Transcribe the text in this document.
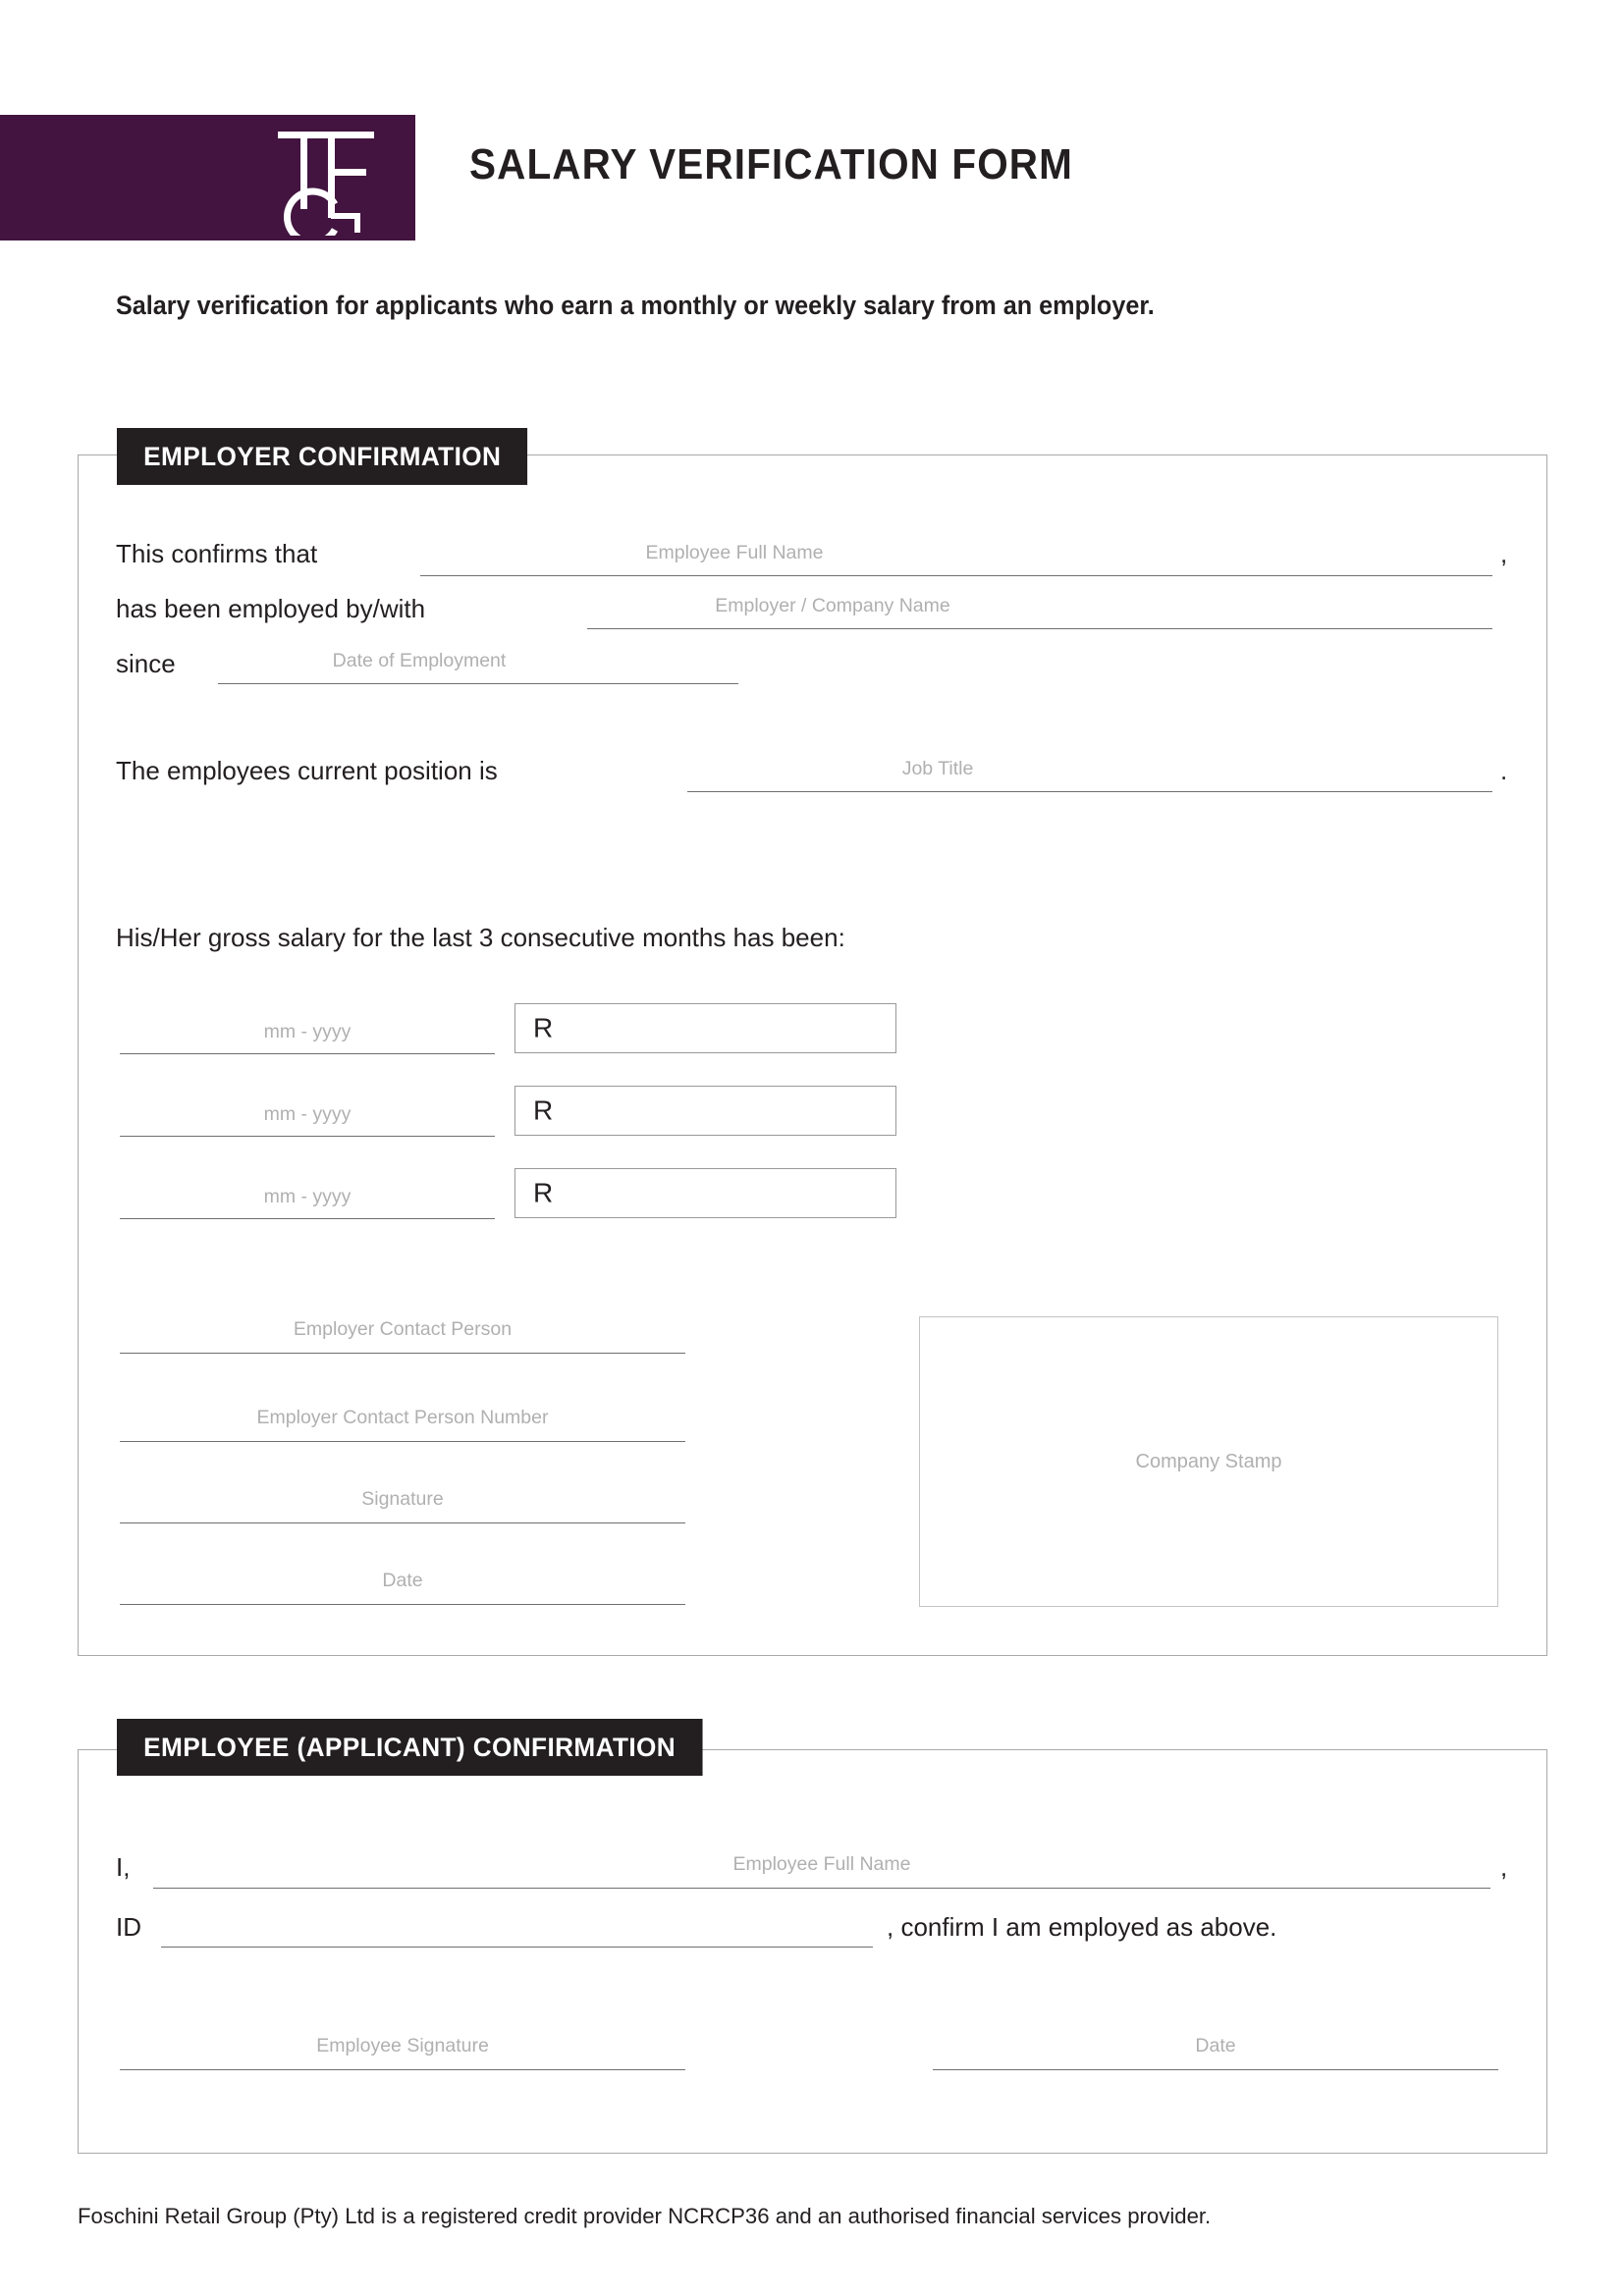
SALARY VERIFICATION FORM
Salary verification for applicants who earn a monthly or weekly salary from an employer.
EMPLOYER CONFIRMATION
This confirms that	Employee Full Name	,
has been employed by/with	Employer / Company Name
since	Date of Employment
The employees current position is	Job Title	.
His/Her gross salary for the last 3 consecutive months has been:
mm - yyyy	R
mm - yyyy	R
mm - yyyy	R
Employer Contact Person
Employer Contact Person Number
Signature
Date
Company Stamp
EMPLOYEE (APPLICANT) CONFIRMATION
I,	Employee Full Name	,
ID	, confirm I am employed as above.
Employee Signature	Date
Foschini Retail Group (Pty) Ltd is a registered credit provider NCRCP36 and an authorised financial services provider.
